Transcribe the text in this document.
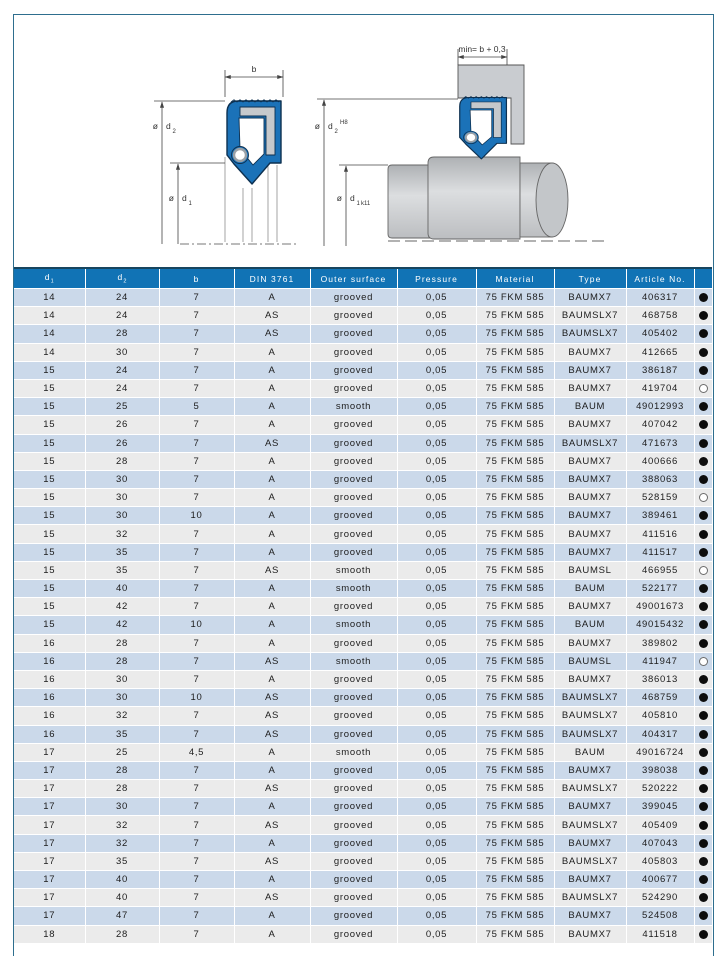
b
ø d
2
ø d
1
min= b + 0,3
ø d
2
H8
ø d
1 k11
$d_1$	$d_2$	b	DIN 3761	Outer surface	Pressure	Material	Type	Article No.	
14	24	7	A	grooved	0,05	75 FKM 585	BAUMX7	406317	
14	24	7	AS	grooved	0,05	75 FKM 585	BAUMSLX7	468758	
14	28	7	AS	grooved	0,05	75 FKM 585	BAUMSLX7	405402	
14	30	7	A	grooved	0,05	75 FKM 585	BAUMX7	412665	
15	24	7	A	grooved	0,05	75 FKM 585	BAUMX7	386187	
15	24	7	A	grooved	0,05	75 FKM 585	BAUMX7	419704	
15	25	5	A	smooth	0,05	75 FKM 585	BAUM	49012993	
15	26	7	A	grooved	0,05	75 FKM 585	BAUMX7	407042	
15	26	7	AS	grooved	0,05	75 FKM 585	BAUMSLX7	471673	
15	28	7	A	grooved	0,05	75 FKM 585	BAUMX7	400666	
15	30	7	A	grooved	0,05	75 FKM 585	BAUMX7	388063	
15	30	7	A	grooved	0,05	75 FKM 585	BAUMX7	528159	
15	30	10	A	grooved	0,05	75 FKM 585	BAUMX7	389461	
15	32	7	A	grooved	0,05	75 FKM 585	BAUMX7	411516	
15	35	7	A	grooved	0,05	75 FKM 585	BAUMX7	411517	
15	35	7	AS	smooth	0,05	75 FKM 585	BAUMSL	466955	
15	40	7	A	smooth	0,05	75 FKM 585	BAUM	522177	
15	42	7	A	grooved	0,05	75 FKM 585	BAUMX7	49001673	
15	42	10	A	smooth	0,05	75 FKM 585	BAUM	49015432	
16	28	7	A	grooved	0,05	75 FKM 585	BAUMX7	389802	
16	28	7	AS	smooth	0,05	75 FKM 585	BAUMSL	411947	
16	30	7	A	grooved	0,05	75 FKM 585	BAUMX7	386013	
16	30	10	AS	grooved	0,05	75 FKM 585	BAUMSLX7	468759	
16	32	7	AS	grooved	0,05	75 FKM 585	BAUMSLX7	405810	
16	35	7	AS	grooved	0,05	75 FKM 585	BAUMSLX7	404317	
17	25	4,5	A	smooth	0,05	75 FKM 585	BAUM	49016724	
17	28	7	A	grooved	0,05	75 FKM 585	BAUMX7	398038	
17	28	7	AS	grooved	0,05	75 FKM 585	BAUMSLX7	520222	
17	30	7	A	grooved	0,05	75 FKM 585	BAUMX7	399045	
17	32	7	AS	grooved	0,05	75 FKM 585	BAUMSLX7	405409	
17	32	7	A	grooved	0,05	75 FKM 585	BAUMX7	407043	
17	35	7	AS	grooved	0,05	75 FKM 585	BAUMSLX7	405803	
17	40	7	A	grooved	0,05	75 FKM 585	BAUMX7	400677	
17	40	7	AS	grooved	0,05	75 FKM 585	BAUMSLX7	524290	
17	47	7	A	grooved	0,05	75 FKM 585	BAUMX7	524508	
18	28	7	A	grooved	0,05	75 FKM 585	BAUMX7	411518	
